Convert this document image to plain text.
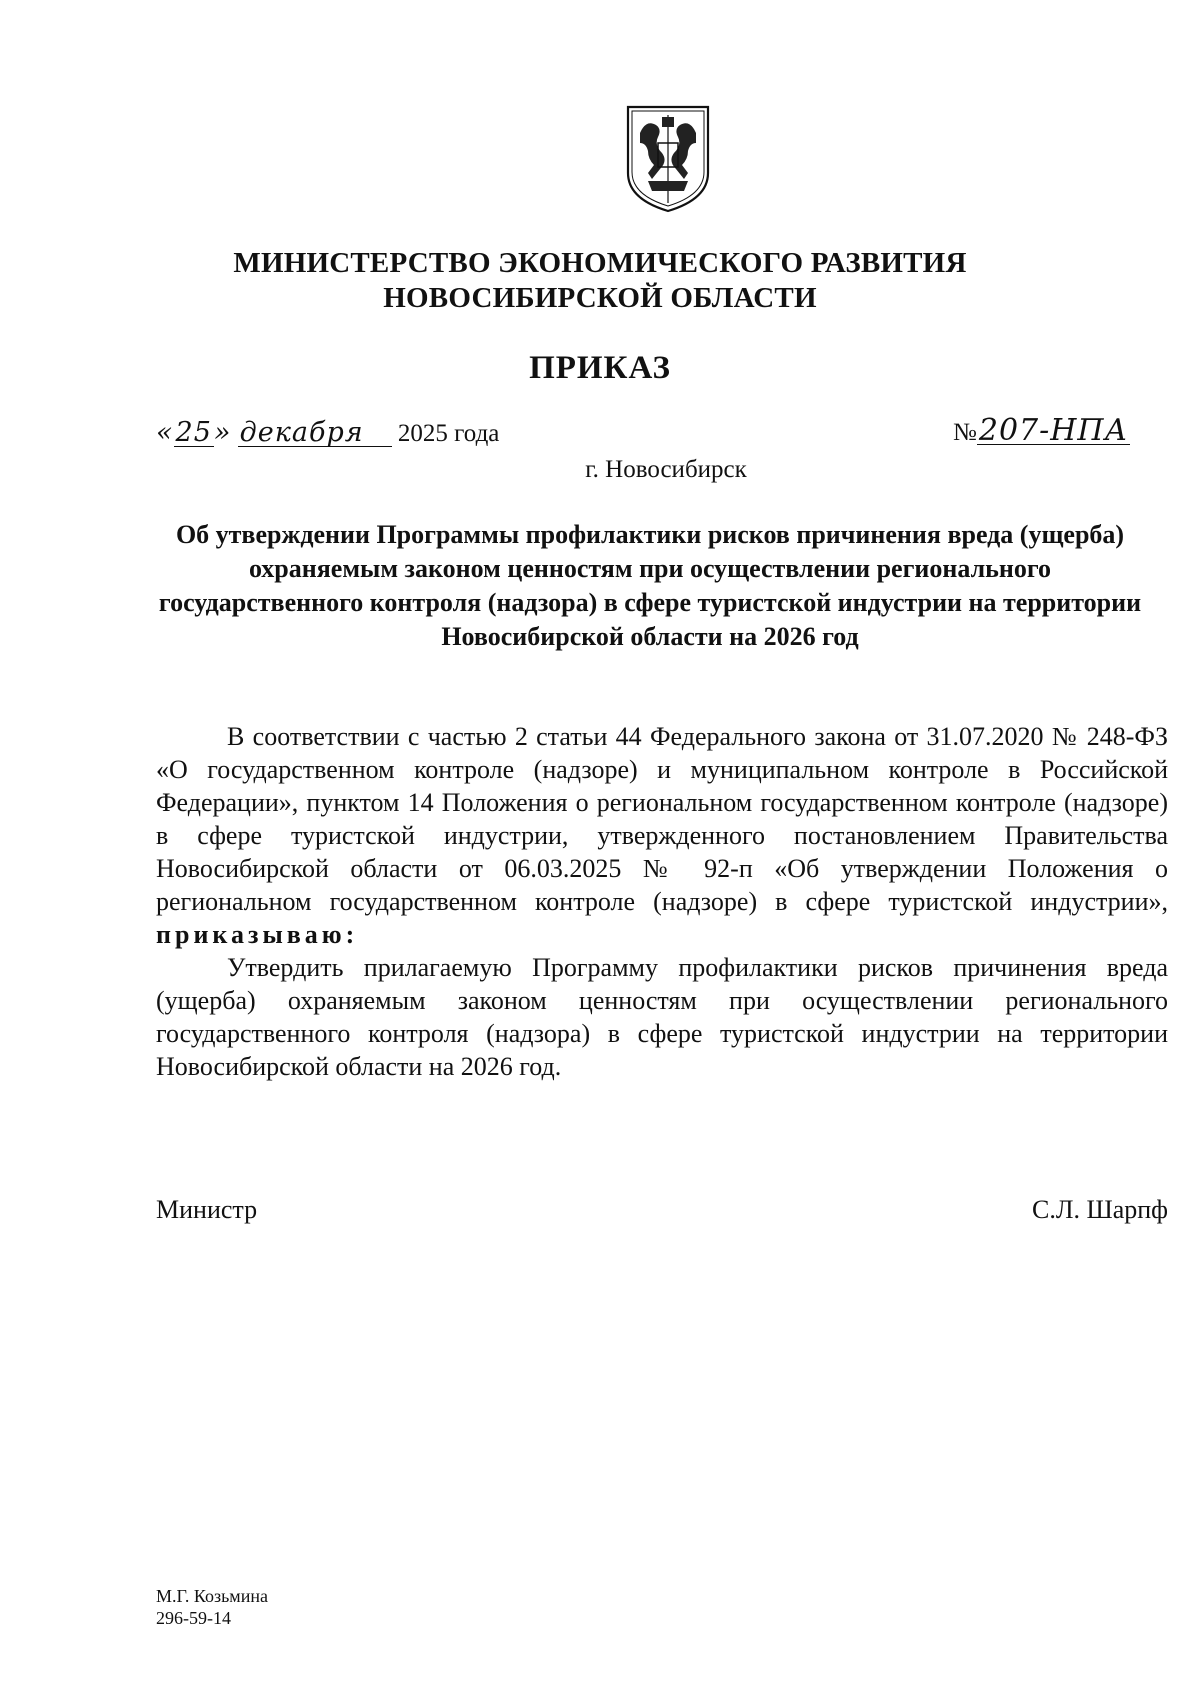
МИНИСТЕРСТВО ЭКОНОМИЧЕСКОГО РАЗВИТИЯ
НОВОСИБИРСКОЙ ОБЛАСТИ
ПРИКАЗ
«25» декабря 2025 года	№207-НПА
г. Новосибирск
Об утверждении Программы профилактики рисков причинения вреда (ущерба) охраняемым законом ценностям при осуществлении регионального государственного контроля (надзора) в сфере туристской индустрии на территории Новосибирской области на 2026 год

В соответствии с частью 2 статьи 44 Федерального закона от 31.07.2020 № 248-ФЗ «О государственном контроле (надзоре) и муниципальном контроле в Российской Федерации», пунктом 14 Положения о региональном государственном контроле (надзоре) в сфере туристской индустрии, утвержденного постановлением Правительства Новосибирской области от 06.03.2025 № 92-п «Об утверждении Положения о региональном государственном контроле (надзоре) в сфере туристской индустрии», приказываю:

Утвердить прилагаемую Программу профилактики рисков причинения вреда (ущерба) охраняемым законом ценностям при осуществлении регионального государственного контроля (надзора) в сфере туристской индустрии на территории Новосибирской области на 2026 год.

Министр	С.Л. Шарпф
М.Г. Козьмина
296-59-14
